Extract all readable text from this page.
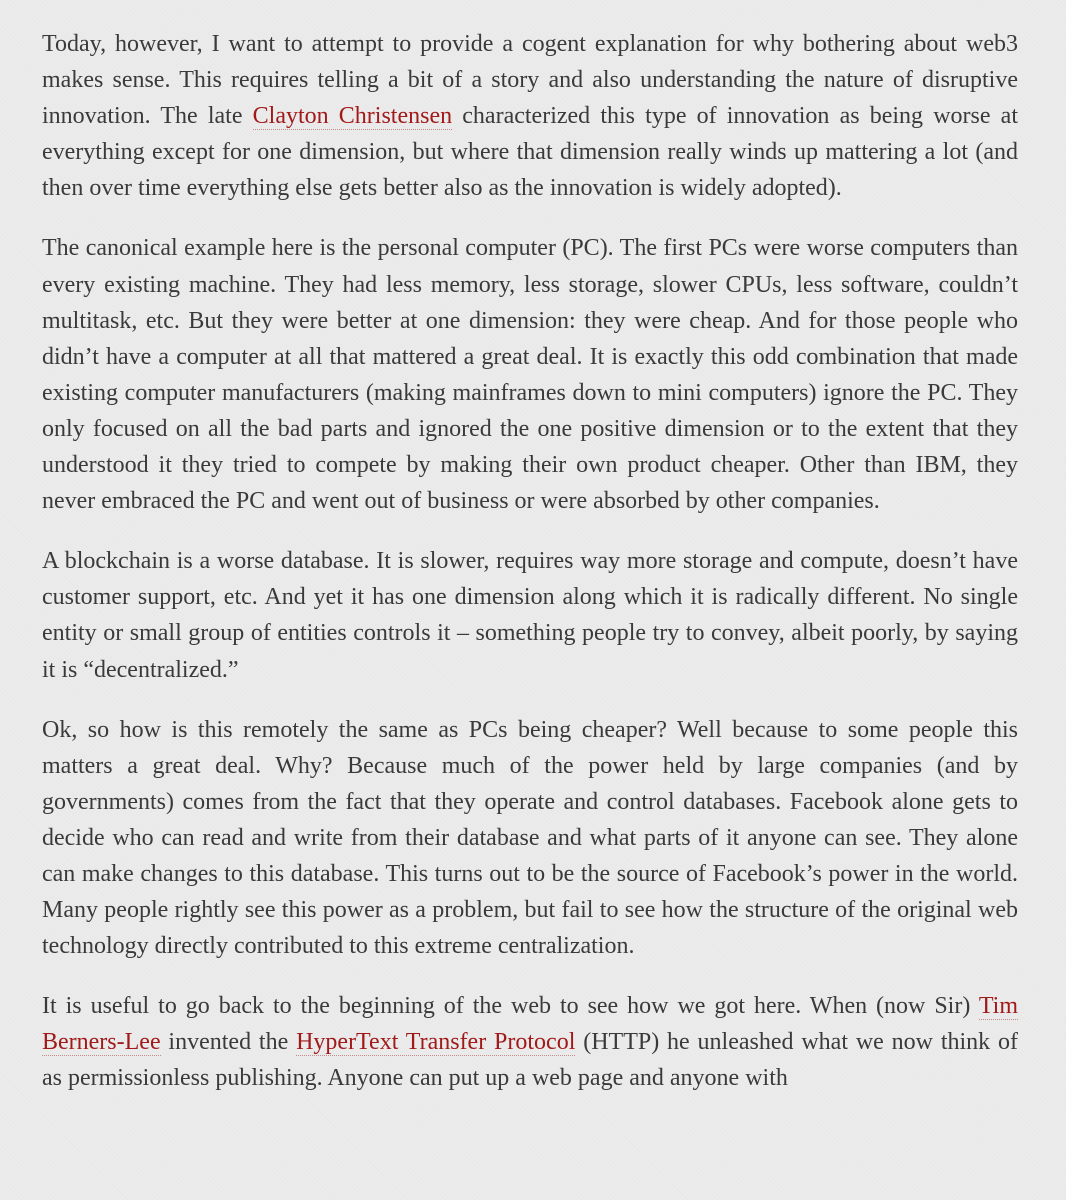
Today, however, I want to attempt to provide a cogent explanation for why bothering about web3 makes sense. This requires telling a bit of a story and also understanding the nature of disruptive innovation. The late Clayton Christensen characterized this type of innovation as being worse at everything except for one dimension, but where that dimension really winds up mattering a lot (and then over time everything else gets better also as the innovation is widely adopted).

The canonical example here is the personal computer (PC). The first PCs were worse computers than every existing machine. They had less memory, less storage, slower CPUs, less software, couldn’t multitask, etc. But they were better at one dimension: they were cheap. And for those people who didn’t have a computer at all that mattered a great deal. It is exactly this odd combination that made existing computer manufacturers (making mainframes down to mini computers) ignore the PC. They only focused on all the bad parts and ignored the one positive dimension or to the extent that they understood it they tried to compete by making their own product cheaper. Other than IBM, they never embraced the PC and went out of business or were absorbed by other companies.

A blockchain is a worse database. It is slower, requires way more storage and compute, doesn’t have customer support, etc. And yet it has one dimension along which it is radically different. No single entity or small group of entities controls it – something people try to convey, albeit poorly, by saying it is “decentralized.”

Ok, so how is this remotely the same as PCs being cheaper? Well because to some people this matters a great deal. Why? Because much of the power held by large companies (and by governments) comes from the fact that they operate and control databases. Facebook alone gets to decide who can read and write from their database and what parts of it anyone can see. They alone can make changes to this database. This turns out to be the source of Facebook’s power in the world. Many people rightly see this power as a problem, but fail to see how the structure of the original web technology directly contributed to this extreme centralization.

It is useful to go back to the beginning of the web to see how we got here. When (now Sir) Tim Berners-Lee invented the HyperText Transfer Protocol (HTTP) he unleashed what we now think of as permissionless publishing. Anyone can put up a web page and anyone with
